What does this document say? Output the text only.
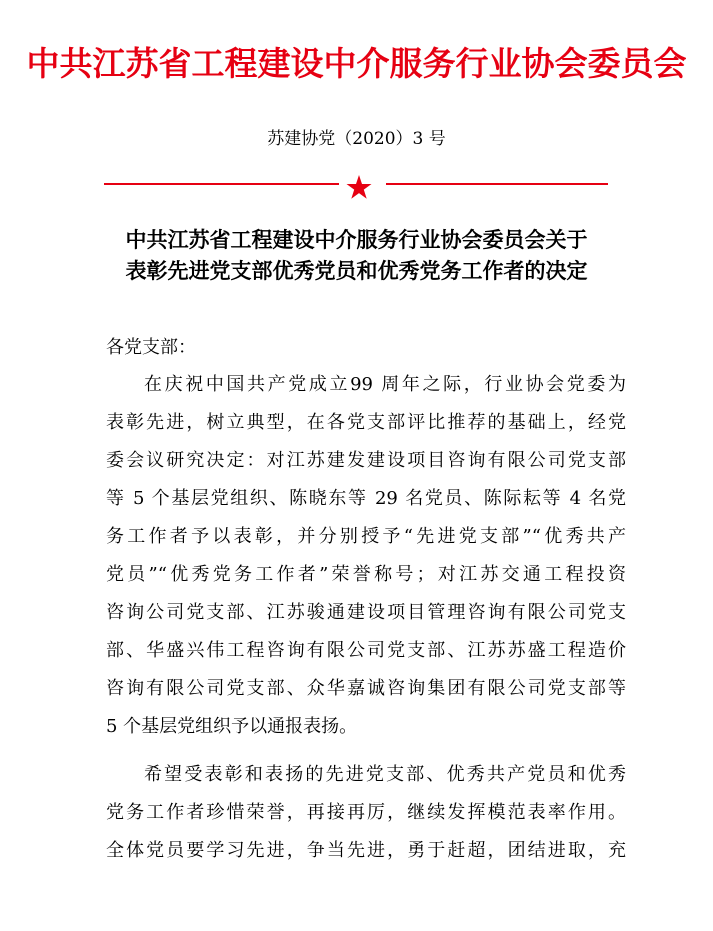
中共江苏省工程建设中介服务行业协会委员会
苏建协党（2020）3 号
中共江苏省工程建设中介服务行业协会委员会关于
表彰先进党支部优秀党员和优秀党务工作者的决定
各党支部：
在庆祝中国共产党成立99 周年之际，行业协会党委为
表彰先进，树立典型，在各党支部评比推荐的基础上，经党
委会议研究决定：对江苏建发建设项目咨询有限公司党支部
等 5 个基层党组织、陈晓东等 29 名党员、陈际耘等 4 名党
务工作者予以表彰，并分别授予“先进党支部”“优秀共产
党员”“优秀党务工作者”荣誉称号；对江苏交通工程投资
咨询公司党支部、江苏骏通建设项目管理咨询有限公司党支
部、华盛兴伟工程咨询有限公司党支部、江苏苏盛工程造价
咨询有限公司党支部、众华嘉诚咨询集团有限公司党支部等
5 个基层党组织予以通报表扬。
希望受表彰和表扬的先进党支部、优秀共产党员和优秀
党务工作者珍惜荣誉，再接再厉，继续发挥模范表率作用。
全体党员要学习先进，争当先进，勇于赶超，团结进取，充
